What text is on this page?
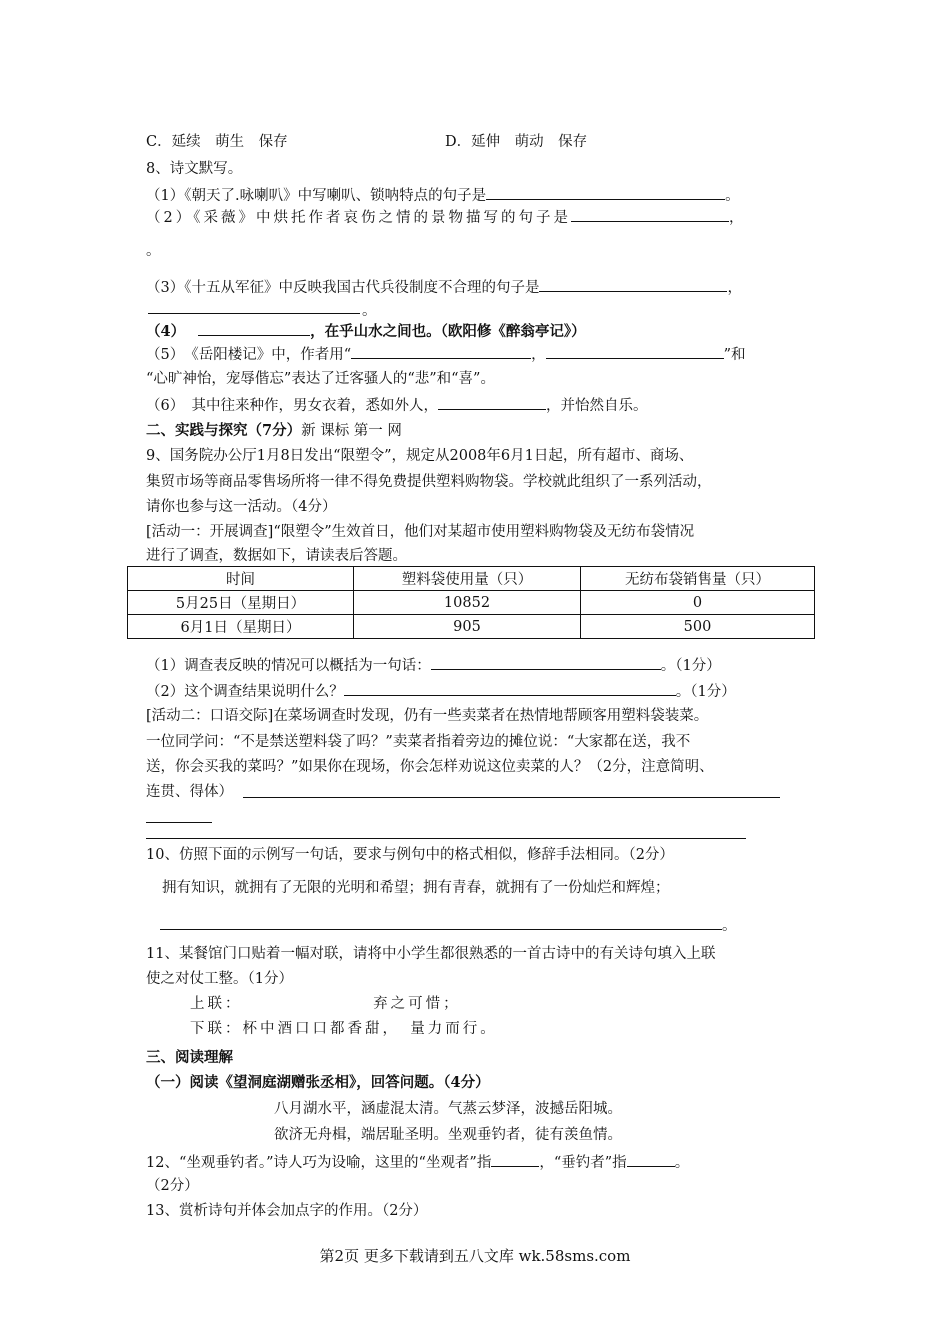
C．延续　萌生　保存	D．延伸　萌动　保存
8、诗文默写。
（1）《朝天了.咏喇叭》中写喇叭、锁呐特点的句子是	。
（2）《采薇》中烘托作者哀伤之情的景物描写的句子是	，
。
（3）《十五从军征》中反映我国古代兵役制度不合理的句子是	，
。
（4）	，在乎山水之间也。（欧阳修《醉翁亭记》）
（5）　《岳阳楼记》中，作者用“	，	”和
“心旷神怡，宠辱偕忘”表达了迁客骚人的“悲”和“喜”。
（6）　其中往来种作，男女衣着，悉如外人，	，并怡然自乐。
二、实践与探究（7分）新 课标 第一 网
9、国务院办公厅1月8日发出“限塑令”，规定从2008年6月1日起，所有超市、商场、
集贸市场等商品零售场所将一律不得免费提供塑料购物袋。学校就此组织了一系列活动，
请你也参与这一活动。（4分）
[活动一：开展调查]“限塑令”生效首日，他们对某超市使用塑料购物袋及无纺布袋情况
进行了调查，数据如下，请读表后答题。
时间	塑料袋使用量（只）	无纺布袋销售量（只）
5月25日（星期日）	10852	0
6月1日（星期日）	905	500
（1）调查表反映的情况可以概括为一句话：	。（1分）
（2）这个调查结果说明什么？	。（1分）
[活动二：口语交际]在菜场调查时发现，仍有一些卖菜者在热情地帮顾客用塑料袋装菜。
一位同学问：“不是禁送塑料袋了吗？”卖菜者指着旁边的摊位说：“大家都在送，我不
送，你会买我的菜吗？”如果你在现场，你会怎样劝说这位卖菜的人？（2分，注意简明、
连贯、得体）
10、仿照下面的示例写一句话，要求与例句中的格式相似，修辞手法相同。（2分）
拥有知识，就拥有了无限的光明和希望；拥有青春，就拥有了一份灿烂和辉煌；
。
11、某餐馆门口贴着一幅对联，请将中小学生都很熟悉的一首古诗中的有关诗句填入上联
使之对仗工整。（1分）
上联：	弃之可惜；
下联：杯中酒口口都香甜，　量力而行。
三、阅读理解
（一）阅读《望洞庭湖赠张丞相》，回答问题。（4分）
八月湖水平，涵虚混太清。气蒸云梦泽，波撼岳阳城。
欲济无舟楫，端居耻圣明。坐观垂钓者，徒有羡鱼情。
12、“坐观垂钓者。”诗人巧为设喻，这里的“坐观者”指	，“垂钓者”指	。
（2分）
13、赏析诗句并体会加点字的作用。（2分）
第2页 更多下载请到五八文库 wk.58sms.com
